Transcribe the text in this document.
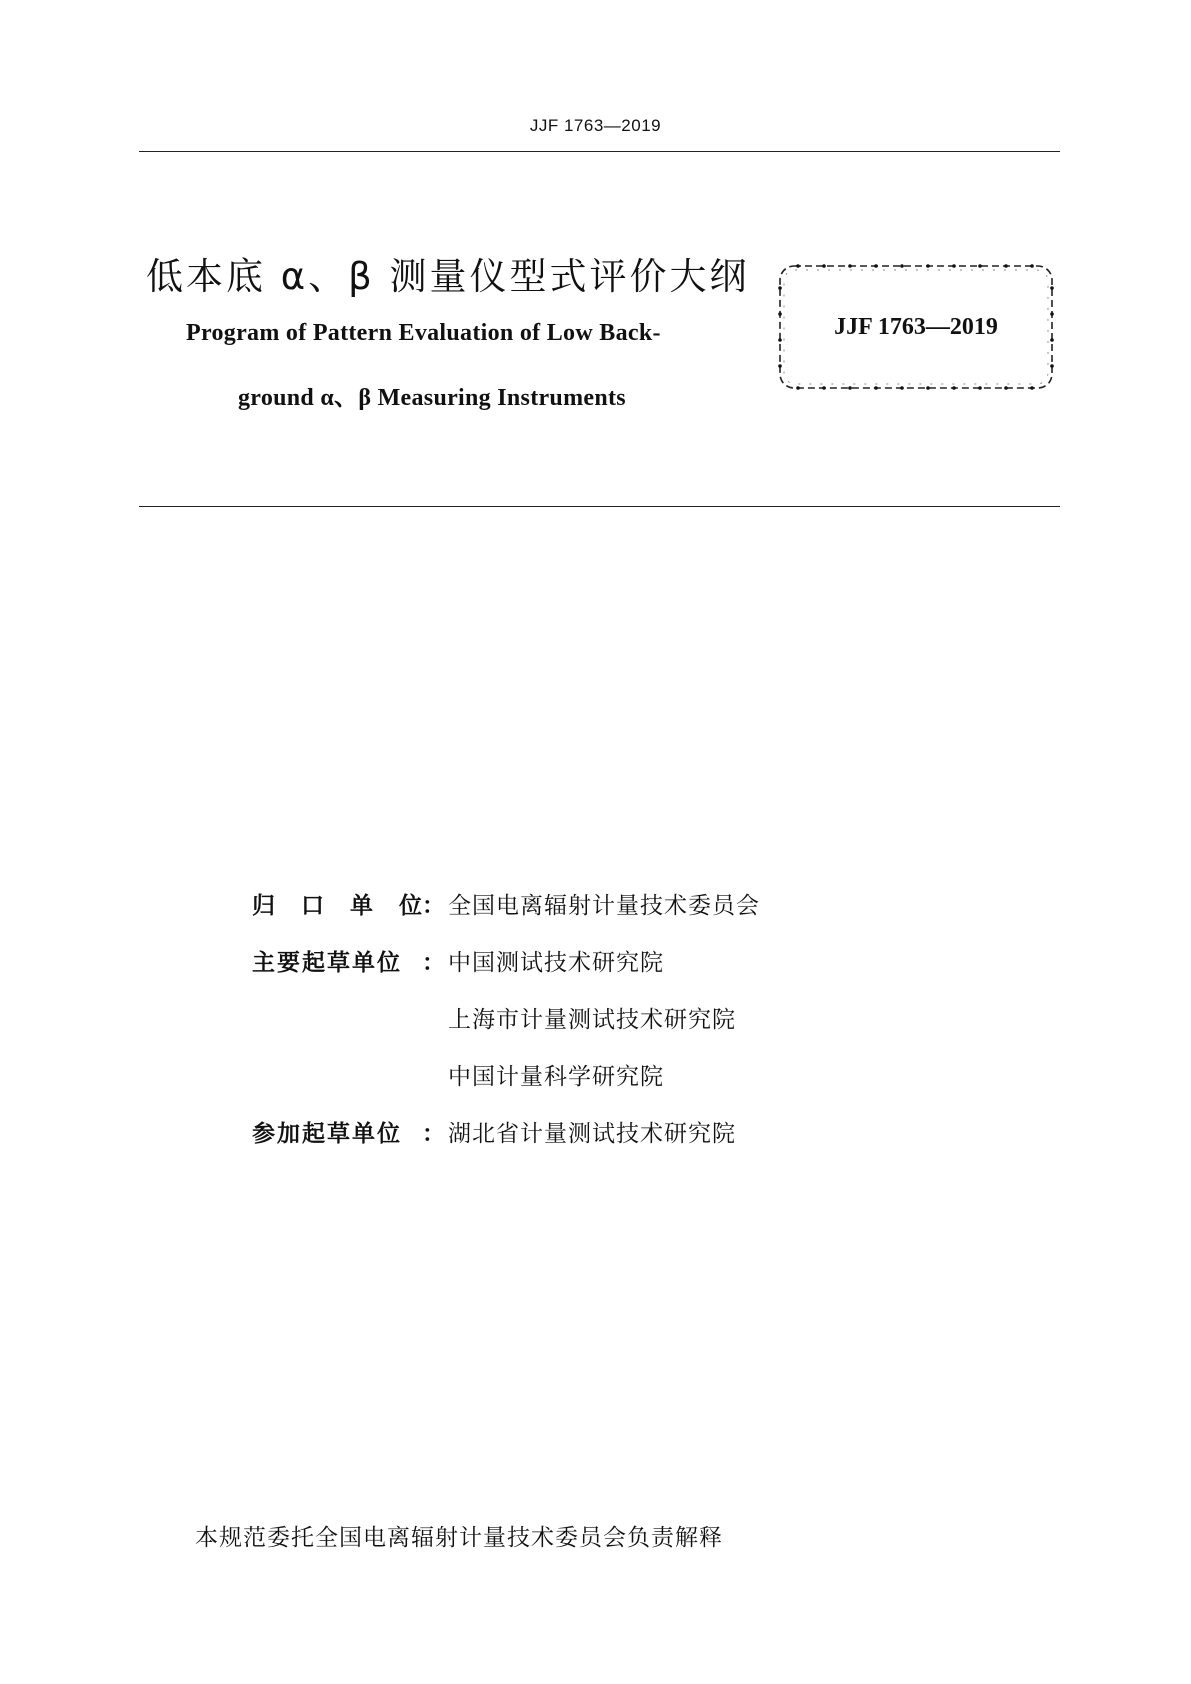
JJF 1763—2019
低本底 α、β 测量仪型式评价大纲
Program of Pattern Evaluation of Low Back-
ground α、β Measuring Instruments
JJF 1763—2019
归 口 单 位 ： 全国电离辐射计量技术委员会
主要起草单位 ： 中国测试技术研究院
上海市计量测试技术研究院
中国计量科学研究院
参加起草单位 ： 湖北省计量测试技术研究院
本规范委托全国电离辐射计量技术委员会负责解释
